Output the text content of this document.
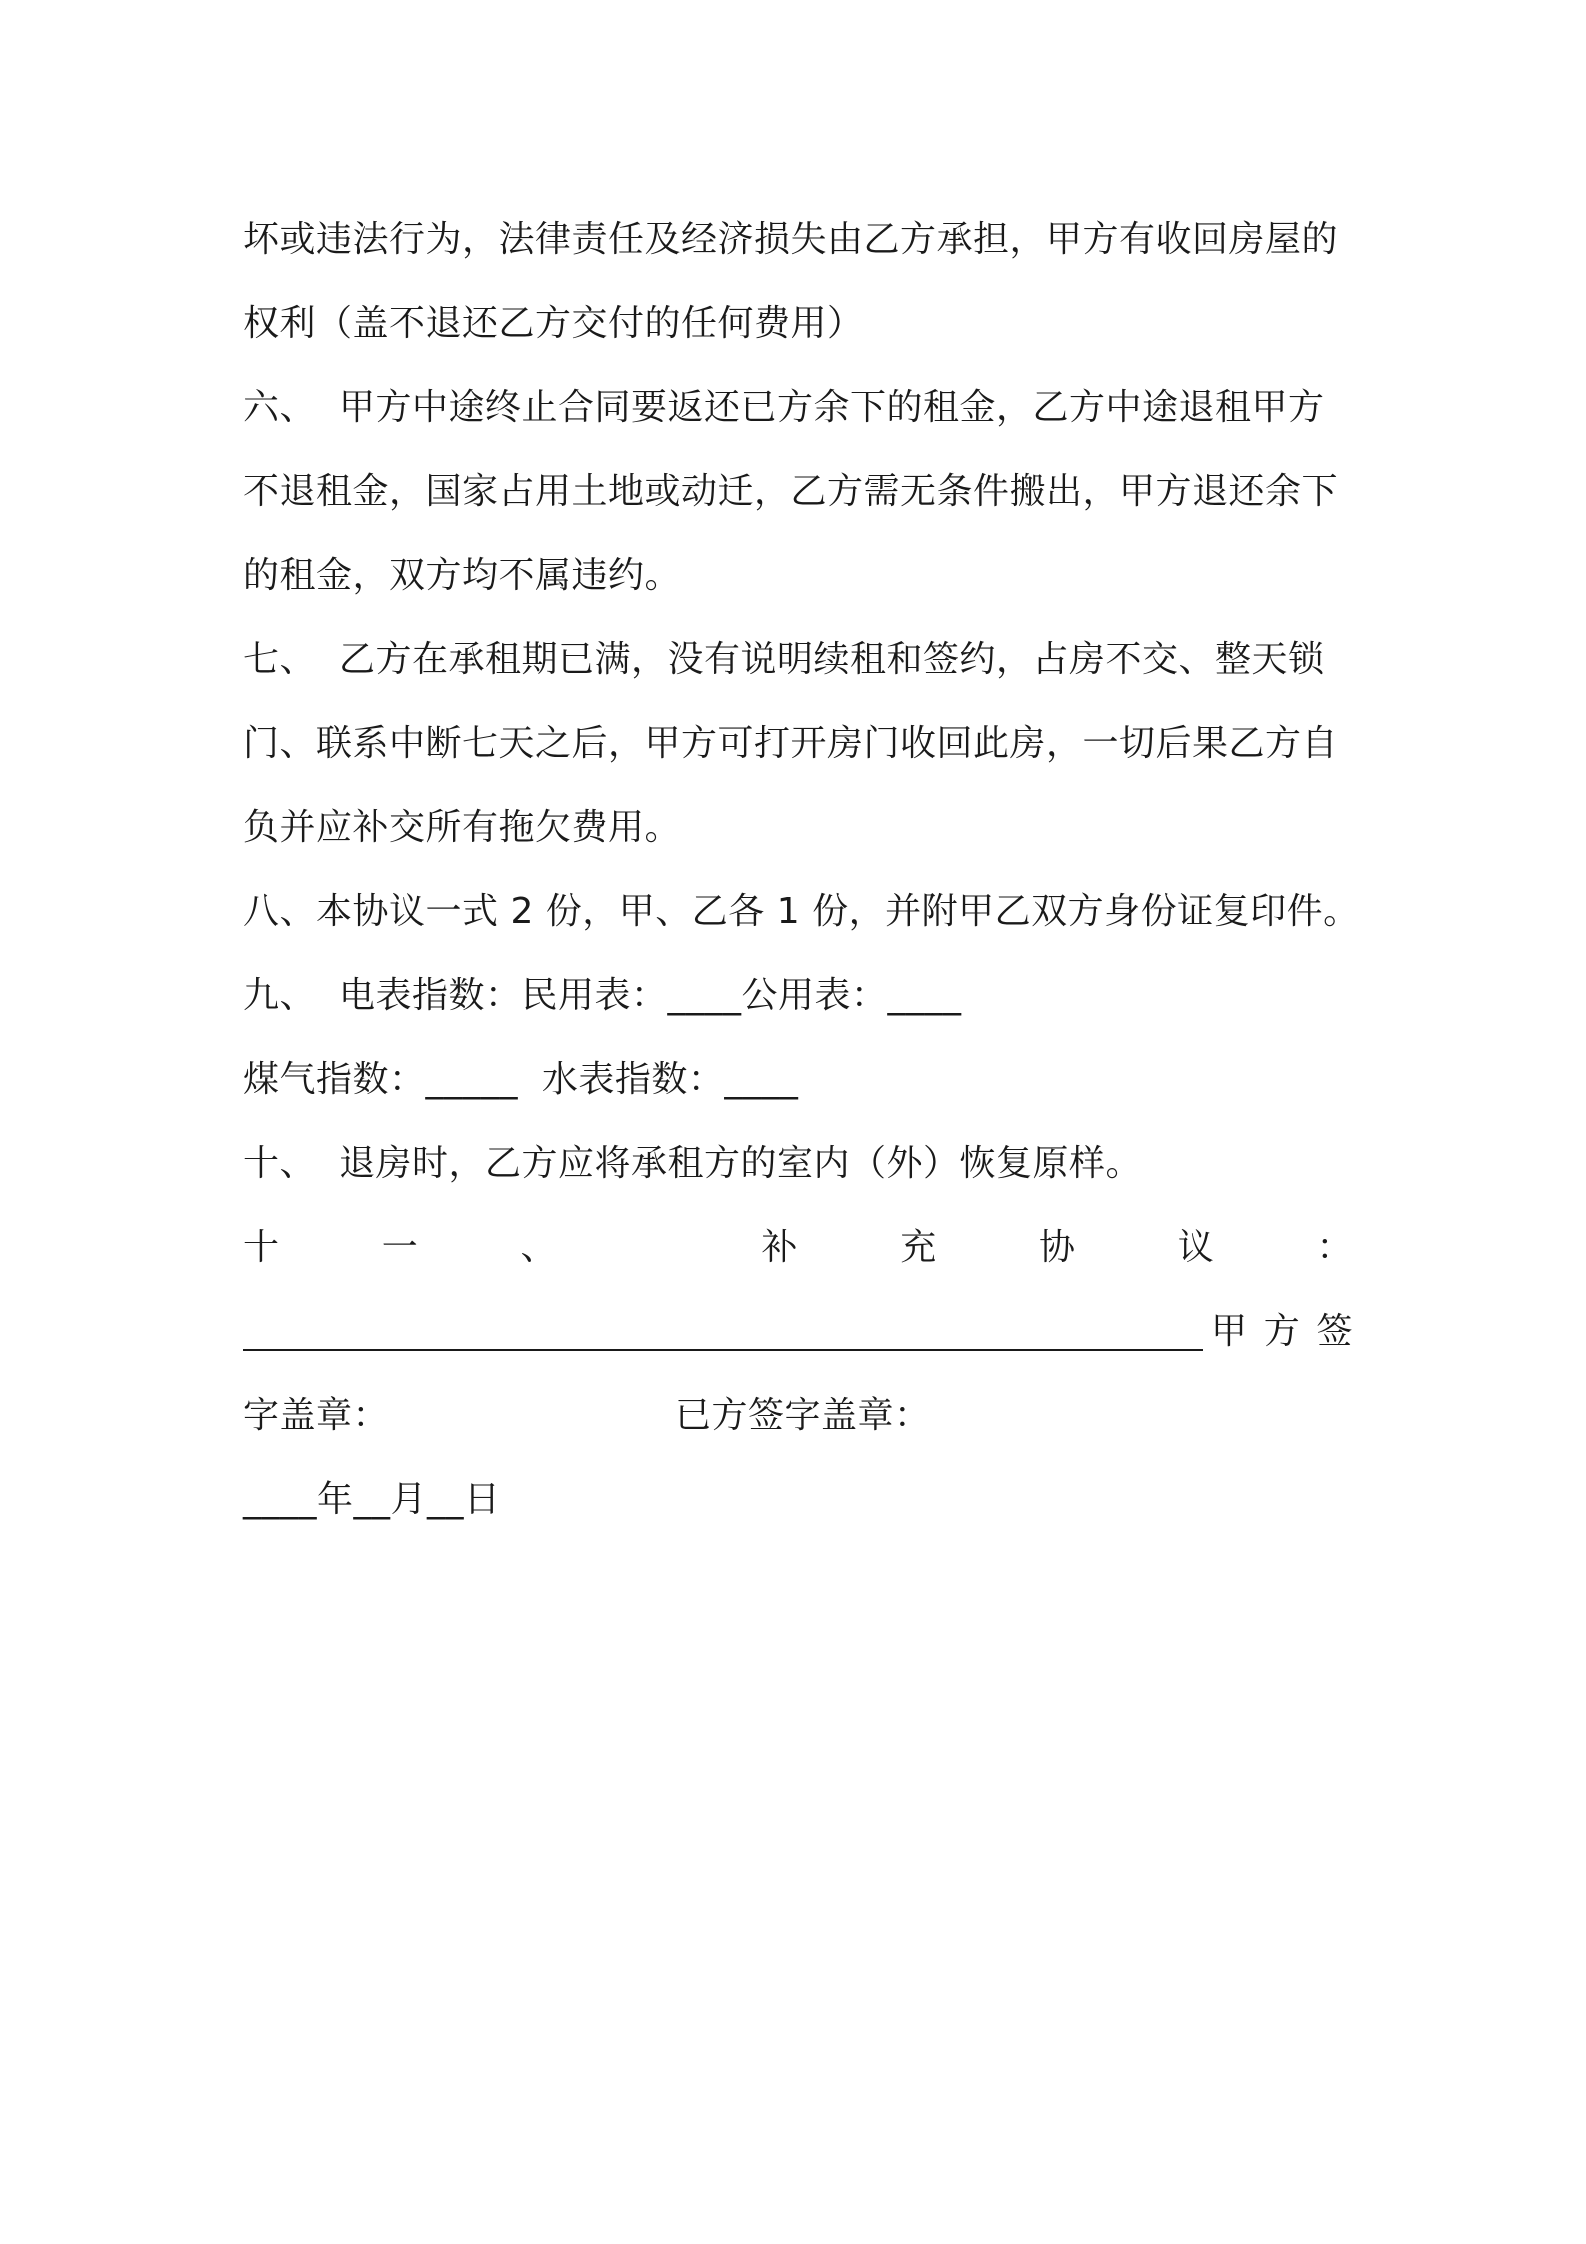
坏或违法行为，法律责任及经济损失由乙方承担，甲方有收回房屋的
权利（盖不退还乙方交付的任何费用）
六、 甲方中途终止合同要返还已方余下的租金，乙方中途退租甲方
不退租金，国家占用土地或动迁，乙方需无条件搬出，甲方退还余下
的租金，双方均不属违约。
七、 乙方在承租期已满，没有说明续租和签约，占房不交、整天锁
门、联系中断七天之后，甲方可打开房门收回此房，一切后果乙方自
负并应补交所有拖欠费用。
八、 本协议一式 2 份，甲、乙各 1 份，并附甲乙双方身份证复印件。
九、 电表指数：民用表：____公用表：____
煤气指数：_____  水表指数：____
十、 退房时，乙方应将承租方的室内（外）恢复原样。
十	一	、	补	充	协	议	：
甲 方 签
字盖章：	已方签字盖章：
____年__月__日
